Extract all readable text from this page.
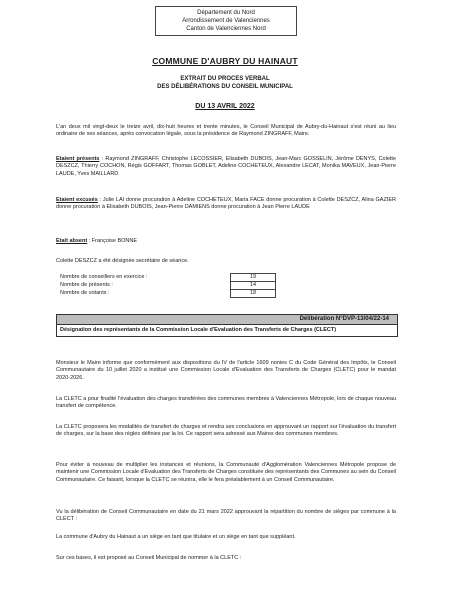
Département du Nord
Arrondissement de Valenciennes
Canton de Valenciennes Nord
COMMUNE D'AUBRY DU HAINAUT
EXTRAIT DU PROCES VERBAL
DES DÉLIBÉRATIONS DU CONSEIL MUNICIPAL
DU 13 AVRIL 2022

L'an deux mil vingt-deux le treize avril, dix-huit heures et trente minutes, le Conseil Municipal de Aubry-du-Hainaut s'est réuni au lieu ordinaire de ses séances, après convocation légale, sous la présidence de Raymond ZINGRAFF, Maire.

Etaient présents : Raymond ZINGRAFF, Christophe LECOSSIER, Elisabeth DUBOIS, Jean-Marc GOSSELIN, Jérôme DENYS, Colette DESZCZ, Thierry COCHON, Régis GOFFART, Thomas GOBLET, Adeline COCHETEUX, Alexandre LECAT, Monika MAVEUX, Jean-Pierre LAUDE, Yves MAILLARD

Etaient excusés : Julie LAI donne procuration à Adeline COCHETEUX, Maria FACE donne procuration à Colette DESZCZ, Alina GAZIER donne procuration à Elisabeth DUBOIS, Jean-Pierre DAMIENS donne procuration à Jean Pierre LAUDE

Etait absent : Françoise BONNE

Colette DESZCZ a été désignée secrétaire de séance.

Nombre de conseillers en exercice :	19
Nombre de présents :	14
Nombre de votants :	18
Délibération N°DVP-13/04/22-14
Désignation des représentants de la Commission Locale d'Evaluation des Transferts de Charges (CLECT)

Monsieur le Maire informe que conformément aux dispositions du IV de l'article 1609 nonies C du Code Général des Impôts, le Conseil Communautaire du 10 juillet 2020 a institué une Commission Locale d'Evaluation des Transferts de Charges (CLETC) pour le mandat 2020-2026.

La CLETC a pour finalité l'évaluation des charges transférées des communes membres à Valenciennes Métropole, lors de chaque nouveau transfert de compétence.

La CLETC proposera les modalités de transfert de charges et rendra ses conclusions en approuvant un rapport sur l'évaluation du transfert de charges, sur la base des règles définies par la loi. Ce rapport sera adressé aux Maires des communes membres.

Pour éviter à nouveau de multiplier les instances et réunions, la Communauté d'Agglomération Valenciennes Métropole propose de maintenir une Commission Locale d'Evaluation des Transferts de Charges constituée des représentants des Communes au sein du Conseil Communautaire. Ce faisant, lorsque la CLETC se réunira, elle le fera préalablement à un Conseil Communautaire.

Vu la délibération de Conseil Communautaire en date du 21 mars 2022 approuvant la répartition du nombre de sièges par commune à la CLECT :

La commune d'Aubry du Hainaut a un siège en tant que titulaire et un siège en tant que suppléant.

Sur ces bases, il est proposé au Conseil Municipal de nommer à la CLETC :
